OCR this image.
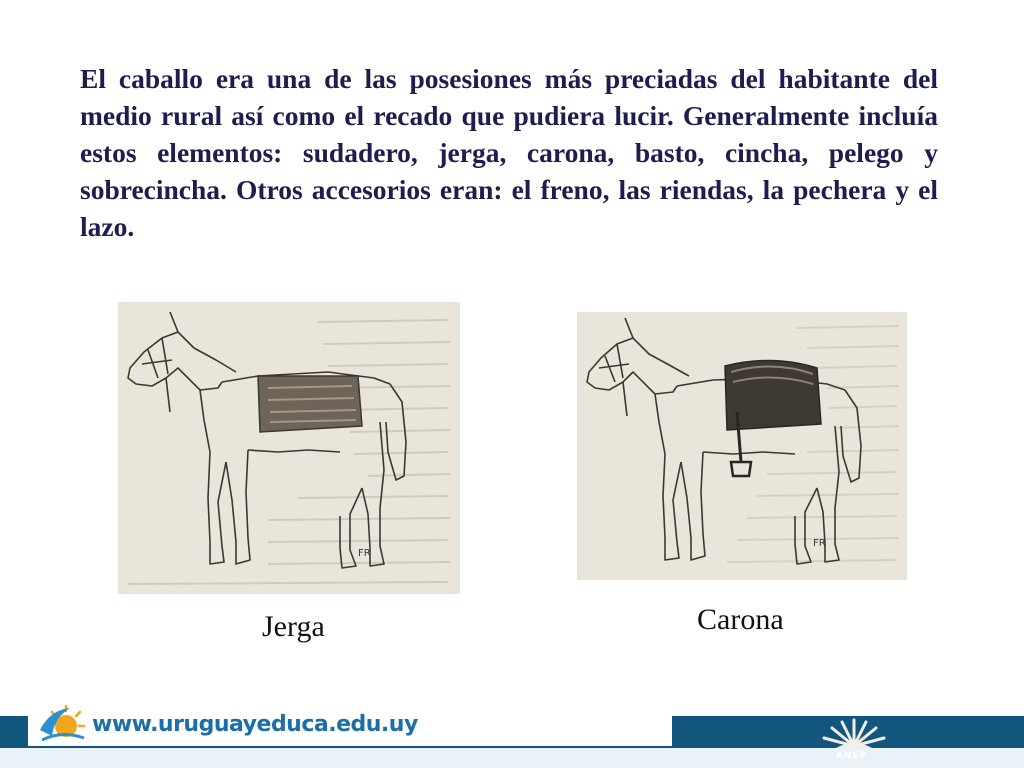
El caballo era una de las posesiones más preciadas del habitante del medio rural así como el recado que pudiera lucir. Generalmente incluía estos elementos: sudadero, jerga, carona, basto, cincha, pelego y sobrecincha. Otros accesorios eran: el freno, las riendas, la pechera y el lazo.
FR
FR
Jerga	Carona
www.uruguayeduca.edu.uy
ANEP
